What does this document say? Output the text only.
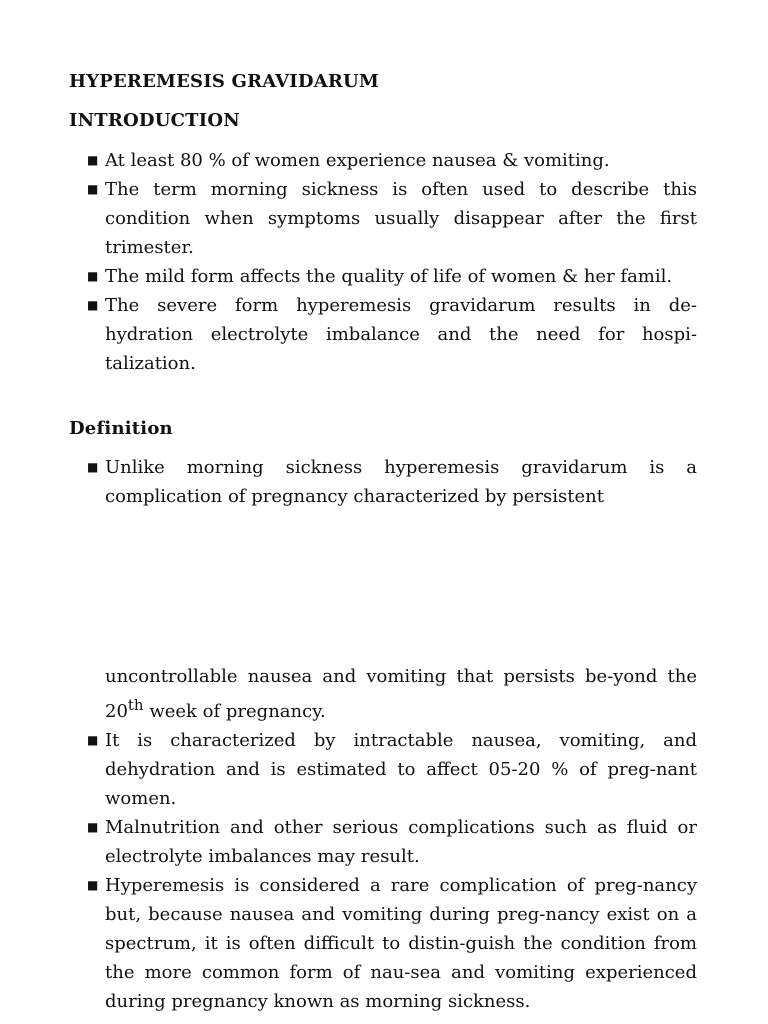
HYPEREMESIS GRAVIDARUM
INTRODUCTION
■ At least 80 % of women experience nausea & vomiting.
■ The term morning sickness is often used to describe this condition when symptoms usually disappear after the first trimester.
■ The mild form affects the quality of life of women & her famil.
■ The severe form hyperemesis gravidarum results in de-hydration electrolyte imbalance and the need for hospi-talization.
Definition
■ Unlike morning sickness hyperemesis gravidarum is a complication of pregnancy characterized by persistent
uncontrollable nausea and vomiting that persists be-yond the 20th week of pregnancy.
■ It is characterized by intractable nausea, vomiting, and dehydration and is estimated to affect 05-20 % of preg-nant women.
■ Malnutrition and other serious complications such as fluid or electrolyte imbalances may result.
■ Hyperemesis is considered a rare complication of preg-nancy but, because nausea and vomiting during preg-nancy exist on a spectrum, it is often difficult to distin-guish the condition from the more common form of nau-sea and vomiting experienced during pregnancy known as morning sickness.
